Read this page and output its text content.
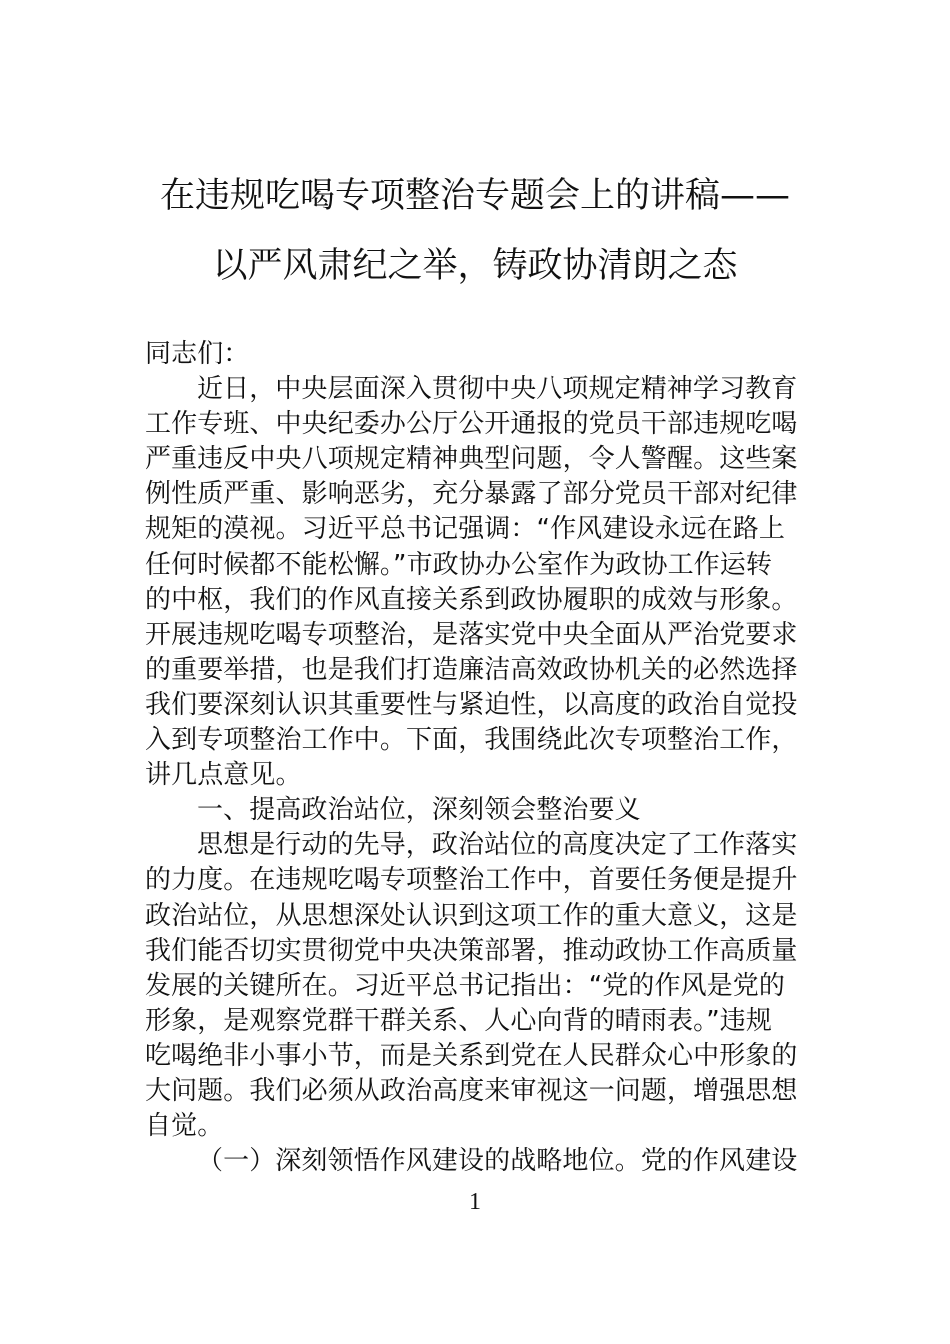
在违规吃喝专项整治专题会上的讲稿——
以严风肃纪之举，铸政协清朗之态
同志们：
近日，中央层面深入贯彻中央八项规定精神学习教育
工作专班、中央纪委办公厅公开通报的党员干部违规吃喝
严重违反中央八项规定精神典型问题，令人警醒。这些案
例性质严重、影响恶劣，充分暴露了部分党员干部对纪律
规矩的漠视。习近平总书记强调：“作风建设永远在路上
任何时候都不能松懈。”市政协办公室作为政协工作运转
的中枢，我们的作风直接关系到政协履职的成效与形象。
开展违规吃喝专项整治，是落实党中央全面从严治党要求
的重要举措，也是我们打造廉洁高效政协机关的必然选择
我们要深刻认识其重要性与紧迫性，以高度的政治自觉投
入到专项整治工作中。下面，我围绕此次专项整治工作，
讲几点意见。
一、提高政治站位，深刻领会整治要义
思想是行动的先导，政治站位的高度决定了工作落实
的力度。在违规吃喝专项整治工作中，首要任务便是提升
政治站位，从思想深处认识到这项工作的重大意义，这是
我们能否切实贯彻党中央决策部署，推动政协工作高质量
发展的关键所在。习近平总书记指出：“党的作风是党的
形象，是观察党群干群关系、人心向背的晴雨表。”违规
吃喝绝非小事小节，而是关系到党在人民群众心中形象的
大问题。我们必须从政治高度来审视这一问题，增强思想
自觉。
（一）深刻领悟作风建设的战略地位。党的作风建设
1
